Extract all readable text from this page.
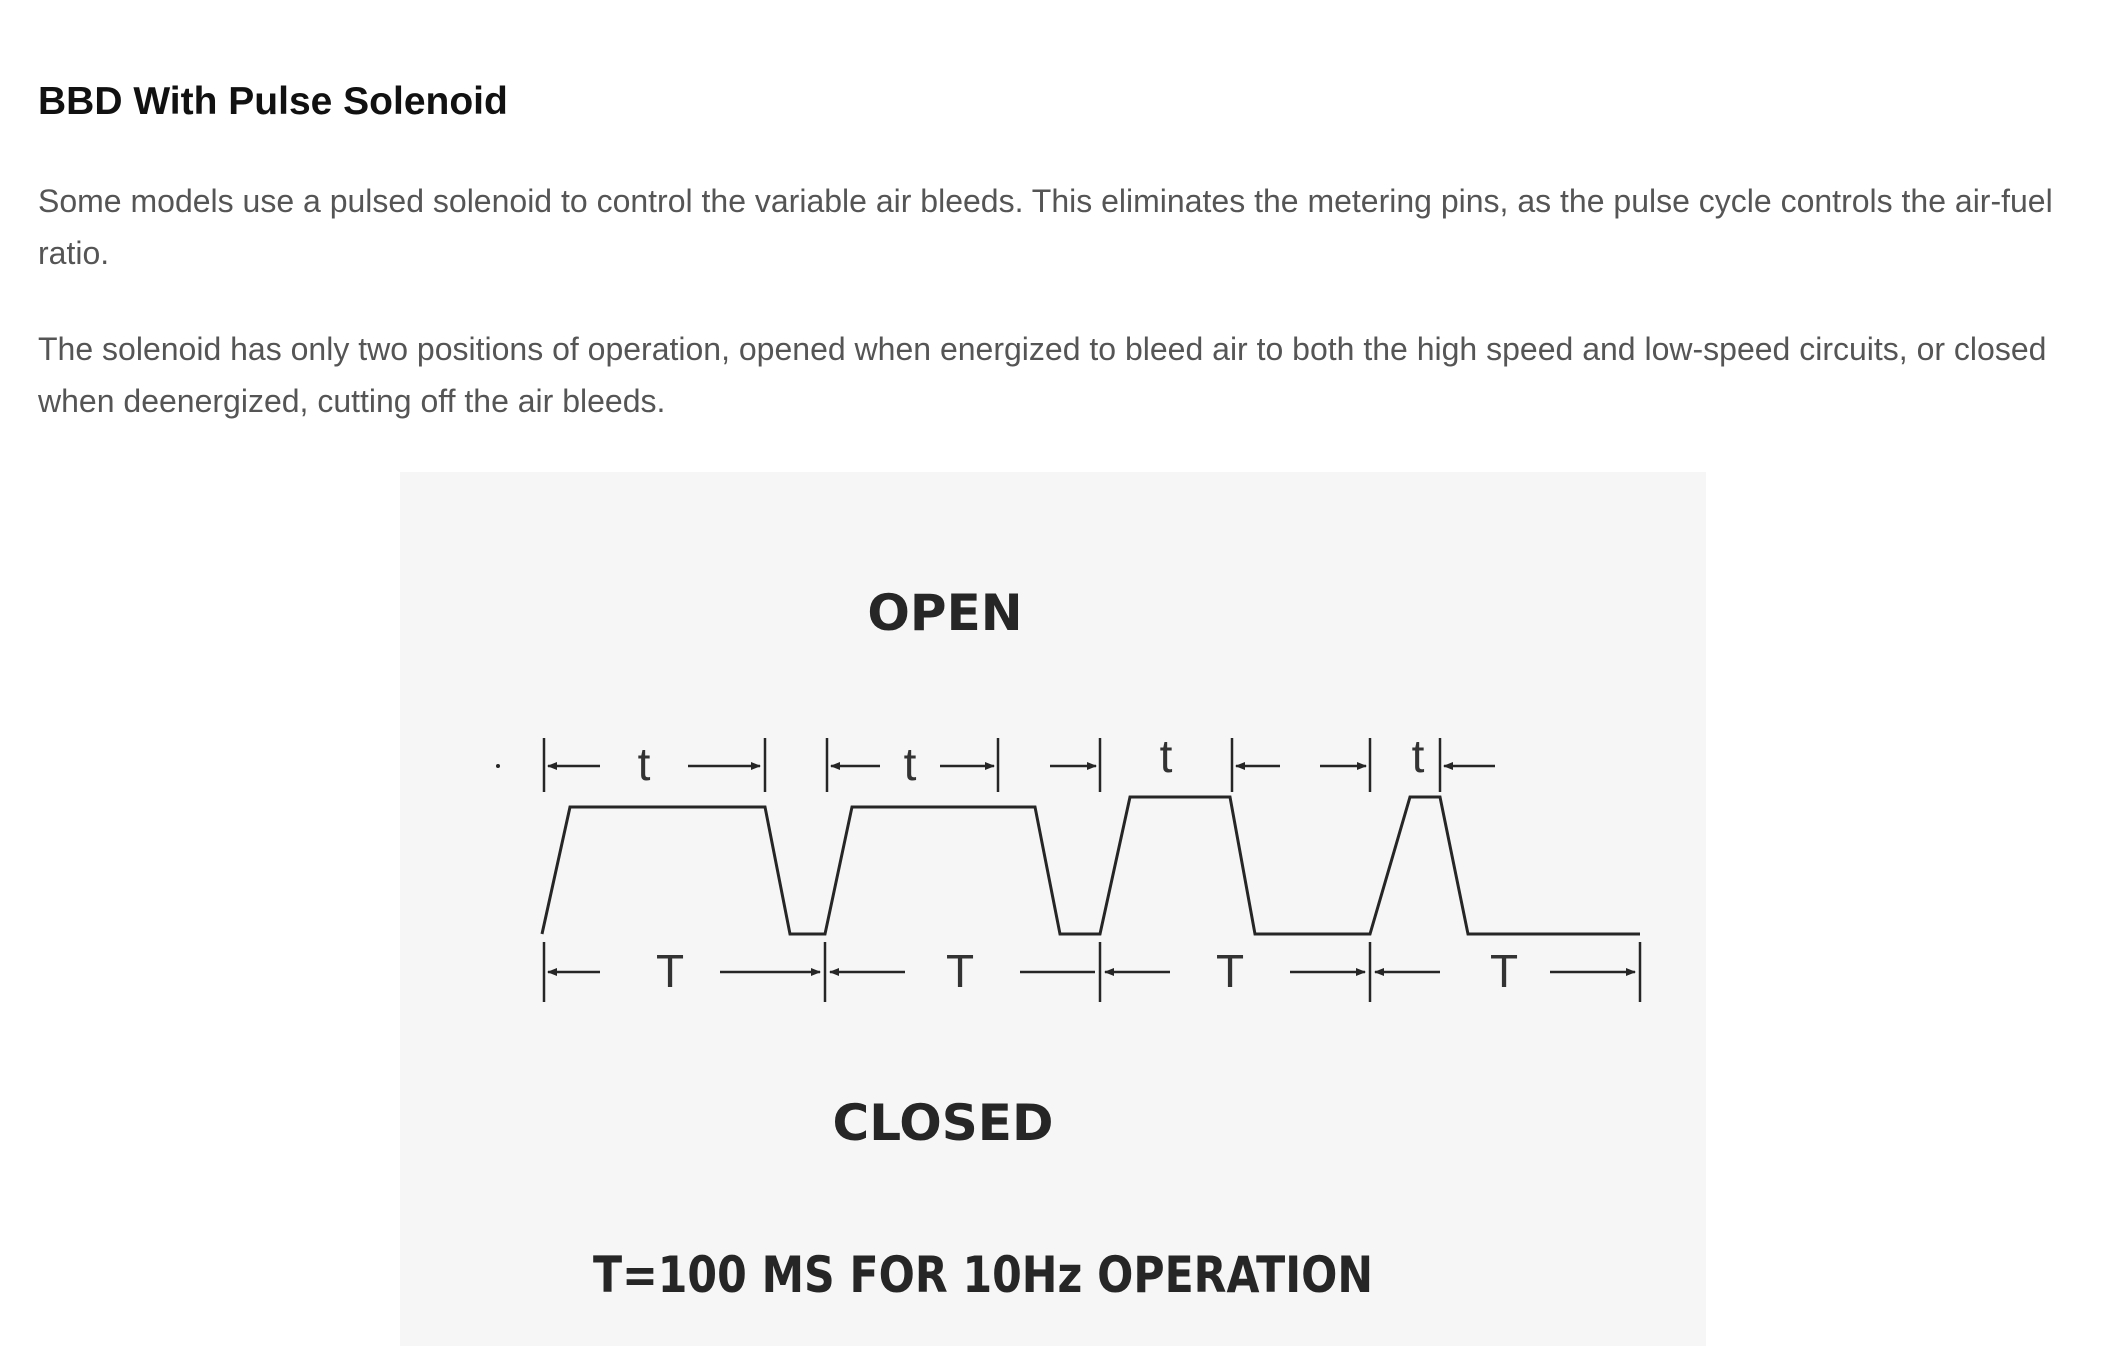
BBD With Pulse Solenoid

Some models use a pulsed solenoid to control the variable air bleeds. This eliminates the metering pins, as the pulse cycle controls the air-fuel ratio.

The solenoid has only two positions of operation, opened when energized to bleed air to both the high speed and low-speed circuits, or closed when deenergized, cutting off the air bleeds.

OPEN
t	t	t	t
T	T	T	T
CLOSED
T=100 MS FOR 10Hz OPERATION
